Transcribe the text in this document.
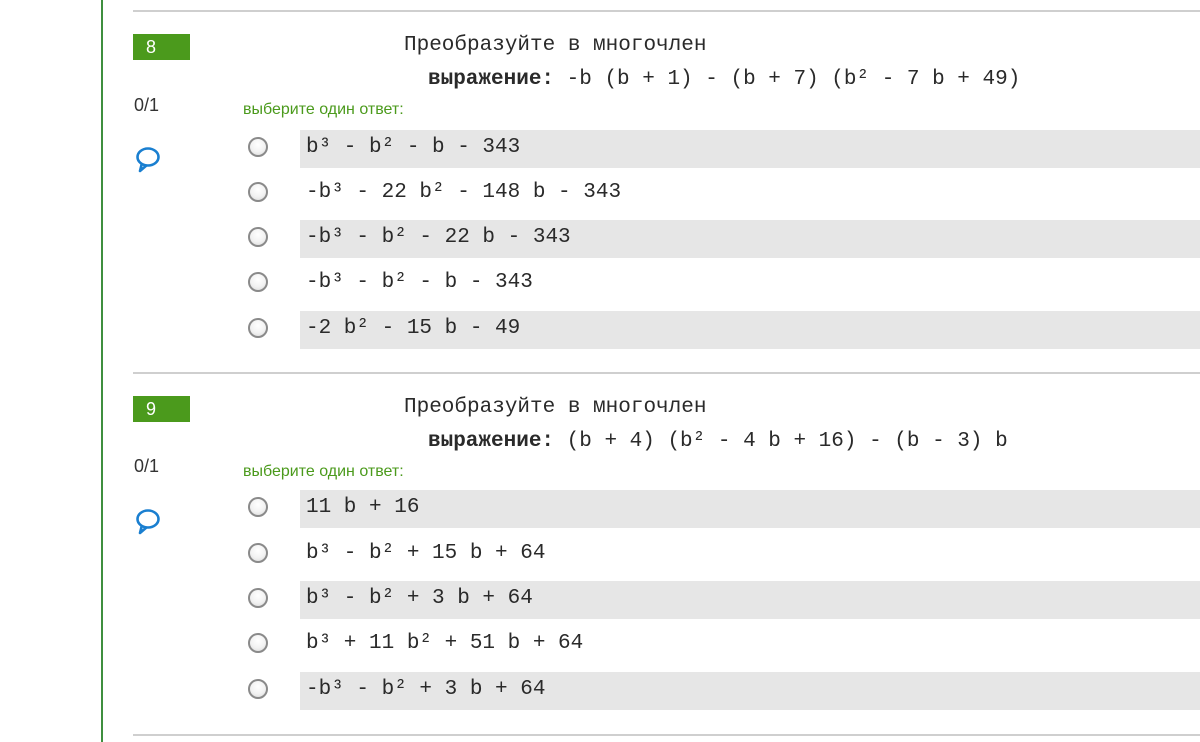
8	Преобразуйте в многочлен
выражение: -b (b + 1) - (b + 7) (b² - 7 b + 49)
0/1	выберите один ответ:
b³ - b² - b - 343
-b³ - 22 b² - 148 b - 343
-b³ - b² - 22 b - 343
-b³ - b² - b - 343
-2 b² - 15 b - 49
9	Преобразуйте в многочлен
выражение: (b + 4) (b² - 4 b + 16) - (b - 3) b
0/1	выберите один ответ:
11 b + 16
b³ - b² + 15 b + 64
b³ - b² + 3 b + 64
b³ + 11 b² + 51 b + 64
-b³ - b² + 3 b + 64
